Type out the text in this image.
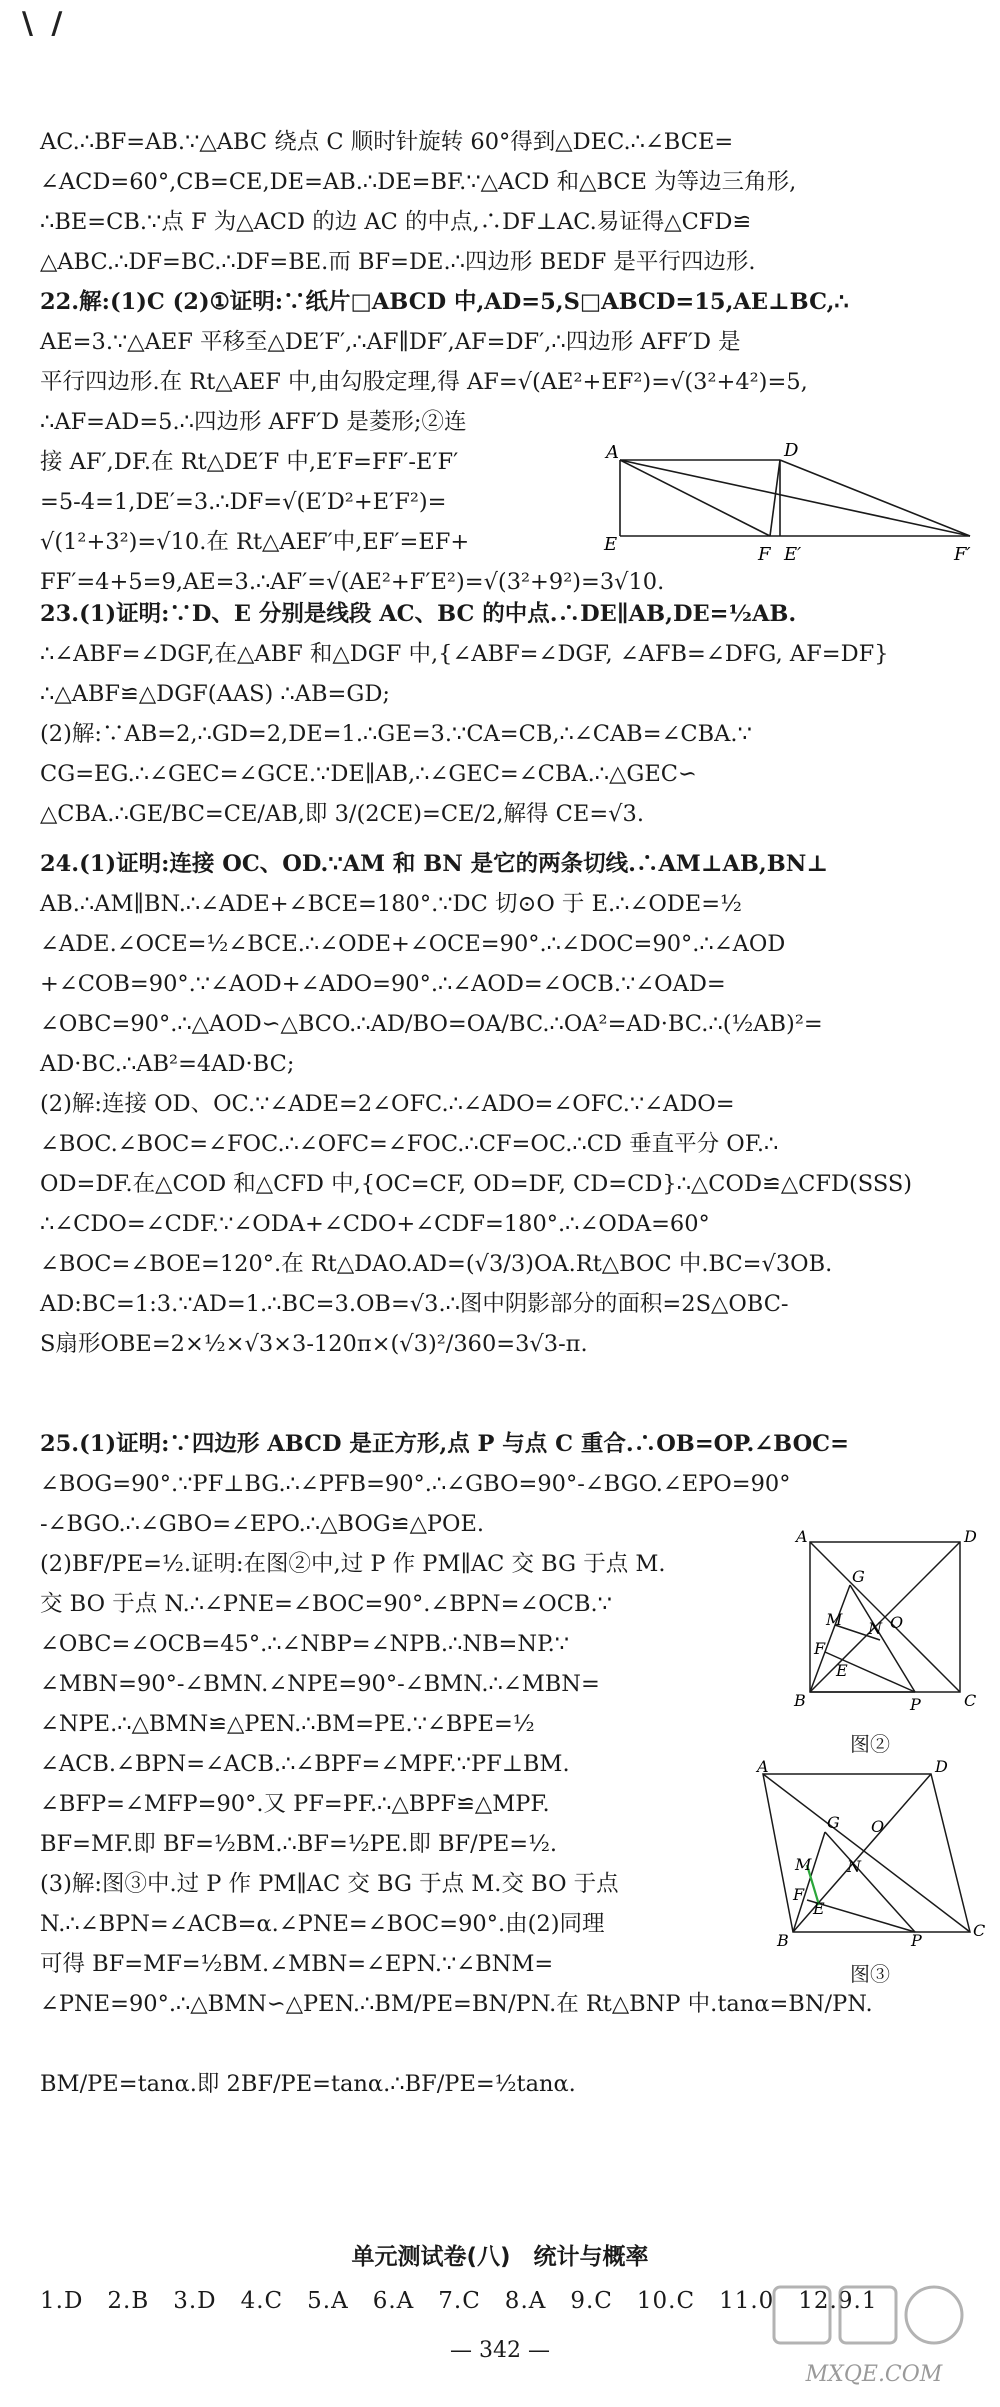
\ /
AC.∴BF=AB.∵△ABC 绕点 C 顺时针旋转 60°得到△DEC.∴∠BCE=
∠ACD=60°,CB=CE,DE=AB.∴DE=BF.∵△ACD 和△BCE 为等边三角形,
∴BE=CB.∵点 F 为△ACD 的边 AC 的中点,∴DF⊥AC.易证得△CFD≌
△ABC.∴DF=BC.∴DF=BE.而 BF=DE.∴四边形 BEDF 是平行四边形.
22.解:(1)C (2)①证明:∵纸片□ABCD 中,AD=5,S□ABCD=15,AE⊥BC,∴
AE=3.∵△AEF 平移至△DE′F′,∴AF∥DF′,AF=DF′,∴四边形 AFF′D 是
平行四边形.在 Rt△AEF 中,由勾股定理,得 AF=√(AE²+EF²)=√(3²+4²)=5,
∴AF=AD=5.∴四边形 AFF′D 是菱形;②连
接 AF′,DF.在 Rt△DE′F 中,E′F=FF′-E′F′
=5-4=1,DE′=3.∴DF=√(E′D²+E′F²)=
√(1²+3²)=√10.在 Rt△AEF′中,EF′=EF+
FF′=4+5=9,AE=3.∴AF′=√(AE²+F′E²)=√(3²+9²)=3√10.
A	D
E	F E′	F′
23.(1)证明:∵D、E 分别是线段 AC、BC 的中点.∴DE∥AB,DE=½AB.
∴∠ABF=∠DGF,在△ABF 和△DGF 中,{∠ABF=∠DGF, ∠AFB=∠DFG, AF=DF}
∴△ABF≌△DGF(AAS) ∴AB=GD;
(2)解:∵AB=2,∴GD=2,DE=1.∴GE=3.∵CA=CB,∴∠CAB=∠CBA.∵
CG=EG.∴∠GEC=∠GCE.∵DE∥AB,∴∠GEC=∠CBA.∴△GEC∽
△CBA.∴GE/BC=CE/AB,即 3/(2CE)=CE/2,解得 CE=√3.
24.(1)证明:连接 OC、OD.∵AM 和 BN 是它的两条切线.∴AM⊥AB,BN⊥
AB.∴AM∥BN.∴∠ADE+∠BCE=180°.∵DC 切⊙O 于 E.∴∠ODE=½
∠ADE.∠OCE=½∠BCE.∴∠ODE+∠OCE=90°.∴∠DOC=90°.∴∠AOD
+∠COB=90°.∵∠AOD+∠ADO=90°.∴∠AOD=∠OCB.∵∠OAD=
∠OBC=90°.∴△AOD∽△BCO.∴AD/BO=OA/BC.∴OA²=AD·BC.∴(½AB)²=
AD·BC.∴AB²=4AD·BC;
(2)解:连接 OD、OC.∵∠ADE=2∠OFC.∴∠ADO=∠OFC.∵∠ADO=
∠BOC.∠BOC=∠FOC.∴∠OFC=∠FOC.∴CF=OC.∴CD 垂直平分 OF.∴
OD=DF.在△COD 和△CFD 中,{OC=CF, OD=DF, CD=CD}∴△COD≌△CFD(SSS)
∴∠CDO=∠CDF.∵∠ODA+∠CDO+∠CDF=180°.∴∠ODA=60°
∠BOC=∠BOE=120°.在 Rt△DAO.AD=(√3/3)OA.Rt△BOC 中.BC=√3OB.
AD:BC=1:3.∵AD=1.∴BC=3.OB=√3.∴图中阴影部分的面积=2S△OBC-
S扇形OBE=2×½×√3×3-120π×(√3)²/360=3√3-π.
25.(1)证明:∵四边形 ABCD 是正方形,点 P 与点 C 重合.∴OB=OP.∠BOC=
∠BOG=90°.∵PF⊥BG.∴∠PFB=90°.∴∠GBO=90°-∠BGO.∠EPO=90°
-∠BGO.∴∠GBO=∠EPO.∴△BOG≌△POE.
(2)BF/PE=½.证明:在图②中,过 P 作 PM∥AC 交 BG 于点 M.
交 BO 于点 N.∴∠PNE=∠BOC=90°.∠BPN=∠OCB.∵
∠OBC=∠OCB=45°.∴∠NBP=∠NPB.∴NB=NP.∵
∠MBN=90°-∠BMN.∠NPE=90°-∠BMN.∴∠MBN=
∠NPE.∴△BMN≌△PEN.∴BM=PE.∵∠BPE=½
∠ACB.∠BPN=∠ACB.∴∠BPF=∠MPF.∵PF⊥BM.
∠BFP=∠MFP=90°.又 PF=PF.∴△BPF≌△MPF.
BF=MF.即 BF=½BM.∴BF=½PE.即 BF/PE=½.
(3)解:图③中.过 P 作 PM∥AC 交 BG 于点 M.交 BO 于点
N.∴∠BPN=∠ACB=α.∠PNE=∠BOC=90°.由(2)同理
可得 BF=MF=½BM.∠MBN=∠EPN.∵∠BNM=
∠PNE=90°.∴△BMN∽△PEN.∴BM/PE=BN/PN.在 Rt△BNP 中.tanα=BN/PN.
BM/PE=tanα.即 2BF/PE=tanα.∴BF/PE=½tanα.
A	D
G
M N O
F
E
B	P	C
图②
A	D
G O
M N
F
E
B	P
C
图③
单元测试卷(八)　统计与概率
1.D　2.B　3.D　4.C　5.A　6.A　7.C　8.A　9.C　10.C　11.0　12.9.1
— 342 —
MXQE.COM
